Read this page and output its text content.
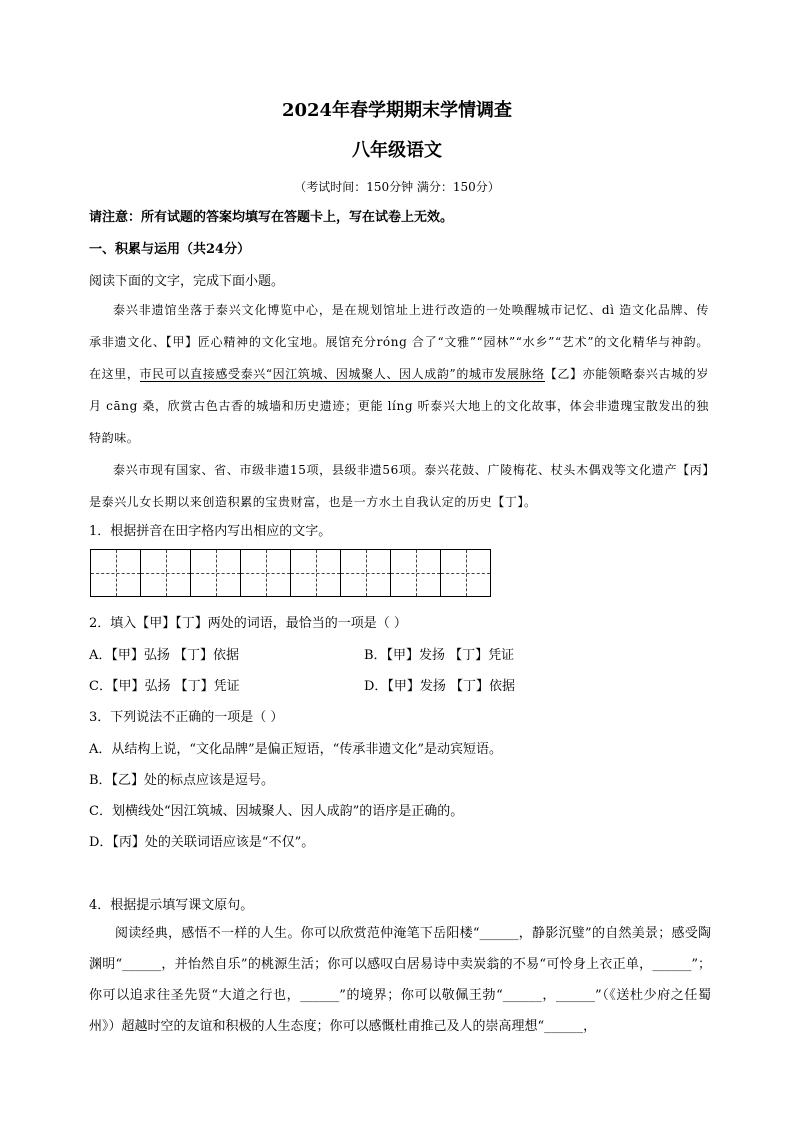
2024年春学期期末学情调查
八年级语文
（考试时间：150分钟 满分：150分）
请注意：所有试题的答案均填写在答题卡上，写在试卷上无效。
一、积累与运用（共24分）
阅读下面的文字，完成下面小题。

泰兴非遗馆坐落于泰兴文化博览中心，是在规划馆址上进行改造的一处唤醒城市记忆、dì 造文化品牌、传承非遗文化、【甲】匠心精神的文化宝地。展馆充分róng 合了“文雅”“园林”“水乡”“艺术”的文化精华与神韵。在这里，市民可以直接感受泰兴“因江筑城、因城聚人、因人成韵”的城市发展脉络【乙】亦能领略泰兴古城的岁月 cāng 桑，欣赏古色古香的城墙和历史遗迹；更能 líng 听泰兴大地上的文化故事，体会非遗瑰宝散发出的独特韵味。

泰兴市现有国家、省、市级非遗15项，县级非遗56项。泰兴花鼓、广陵梅花、杖头木偶戏等文化遗产【丙】是泰兴儿女长期以来创造积累的宝贵财富，也是一方水土自我认定的历史【丁】。

1．根据拼音在田字格内写出相应的文字。
2．填入【甲】【丁】两处的词语，最恰当的一项是（ ）
A．【甲】弘扬 【丁】依据	B．【甲】发扬 【丁】凭证
C．【甲】弘扬 【丁】凭证	D．【甲】发扬 【丁】依据
3．下列说法不正确的一项是（ ）
A．从结构上说，“文化品牌”是偏正短语，“传承非遗文化”是动宾短语。
B．【乙】处的标点应该是逗号。
C．划横线处“因江筑城、因城聚人、因人成韵”的语序是正确的。
D．【丙】处的关联词语应该是“不仅”。
4．根据提示填写课文原句。

阅读经典，感悟不一样的人生。你可以欣赏范仲淹笔下岳阳楼“______，静影沉璧”的自然美景；感受陶渊明“______，并怡然自乐”的桃源生活；你可以感叹白居易诗中卖炭翁的不易“可怜身上衣正单，______”；你可以追求往圣先贤“大道之行也，______”的境界；你可以敬佩王勃“______，______”（《送杜少府之任蜀州》）超越时空的友谊和积极的人生态度；你可以感慨杜甫推己及人的崇高理想“______，
